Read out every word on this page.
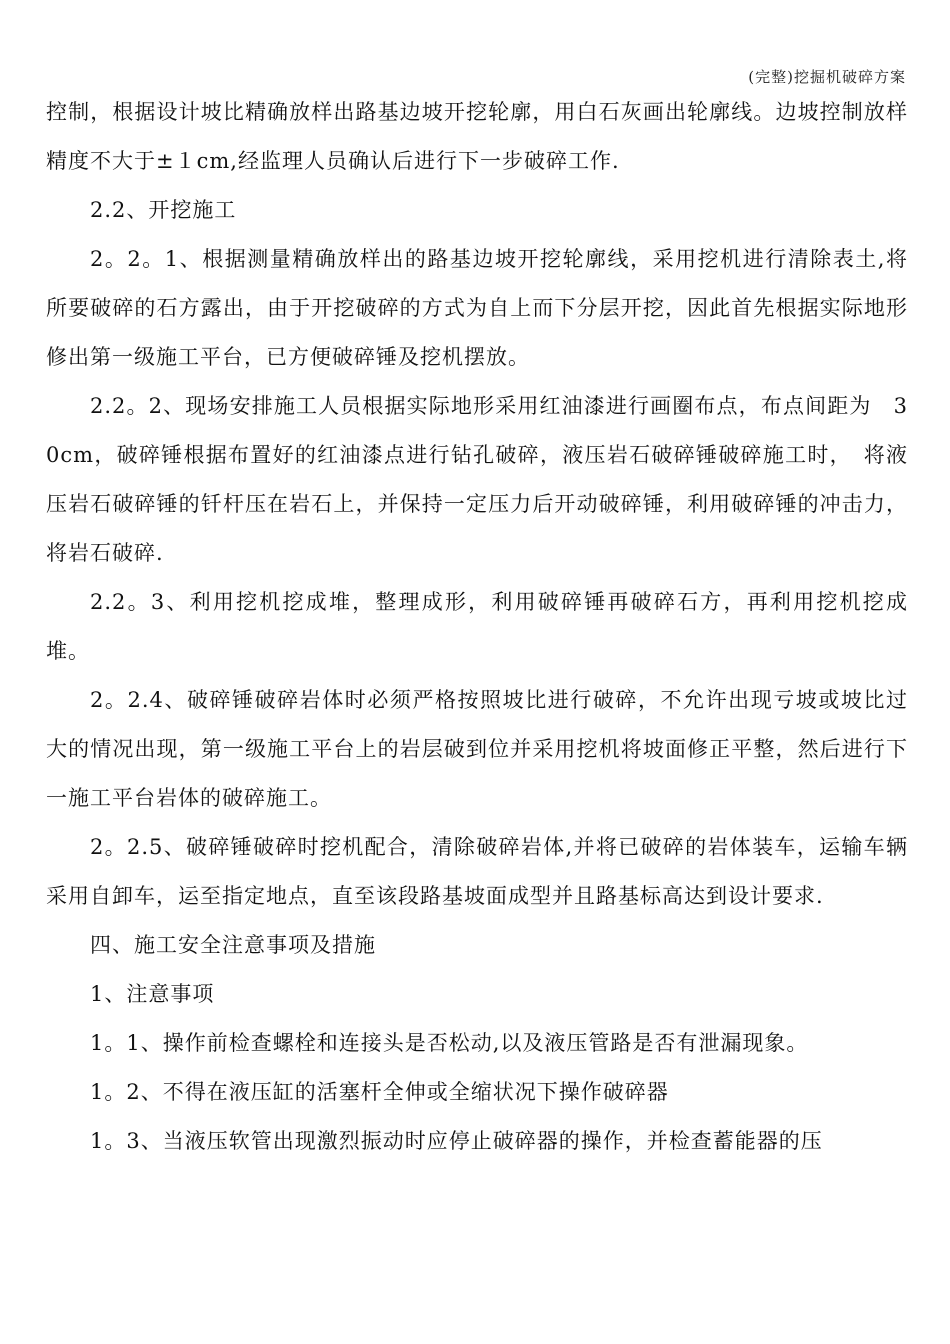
(完整)挖掘机破碎方案

控制，根据设计坡比精确放样出路基边坡开挖轮廓，用白石灰画出轮廓线。边坡控制放样精度不大于±１cm,经监理人员确认后进行下一步破碎工作.

2.2、开挖施工

2。2。1、根据测量精确放样出的路基边坡开挖轮廓线，采用挖机进行清除表土,将所要破碎的石方露出，由于开挖破碎的方式为自上而下分层开挖，因此首先根据实际地形修出第一级施工平台，已方便破碎锤及挖机摆放。

2.2。2、现场安排施工人员根据实际地形采用红油漆进行画圈布点，布点间距为　30cm，破碎锤根据布置好的红油漆点进行钻孔破碎，液压岩石破碎锤破碎施工时，　将液压岩石破碎锤的钎杆压在岩石上，并保持一定压力后开动破碎锤，利用破碎锤的冲击力，将岩石破碎.

2.2。3、利用挖机挖成堆，整理成形，利用破碎锤再破碎石方，再利用挖机挖成堆。

2。2.4、破碎锤破碎岩体时必须严格按照坡比进行破碎，不允许出现亏坡或坡比过大的情况出现，第一级施工平台上的岩层破到位并采用挖机将坡面修正平整，然后进行下一施工平台岩体的破碎施工。

2。2.5、破碎锤破碎时挖机配合，清除破碎岩体,并将已破碎的岩体装车，运输车辆采用自卸车，运至指定地点，直至该段路基坡面成型并且路基标高达到设计要求.

四、施工安全注意事项及措施

1、注意事项

1。1、操作前检查螺栓和连接头是否松动,以及液压管路是否有泄漏现象。

1。2、不得在液压缸的活塞杆全伸或全缩状况下操作破碎器

1。3、当液压软管出现激烈振动时应停止破碎器的操作，并检查蓄能器的压
